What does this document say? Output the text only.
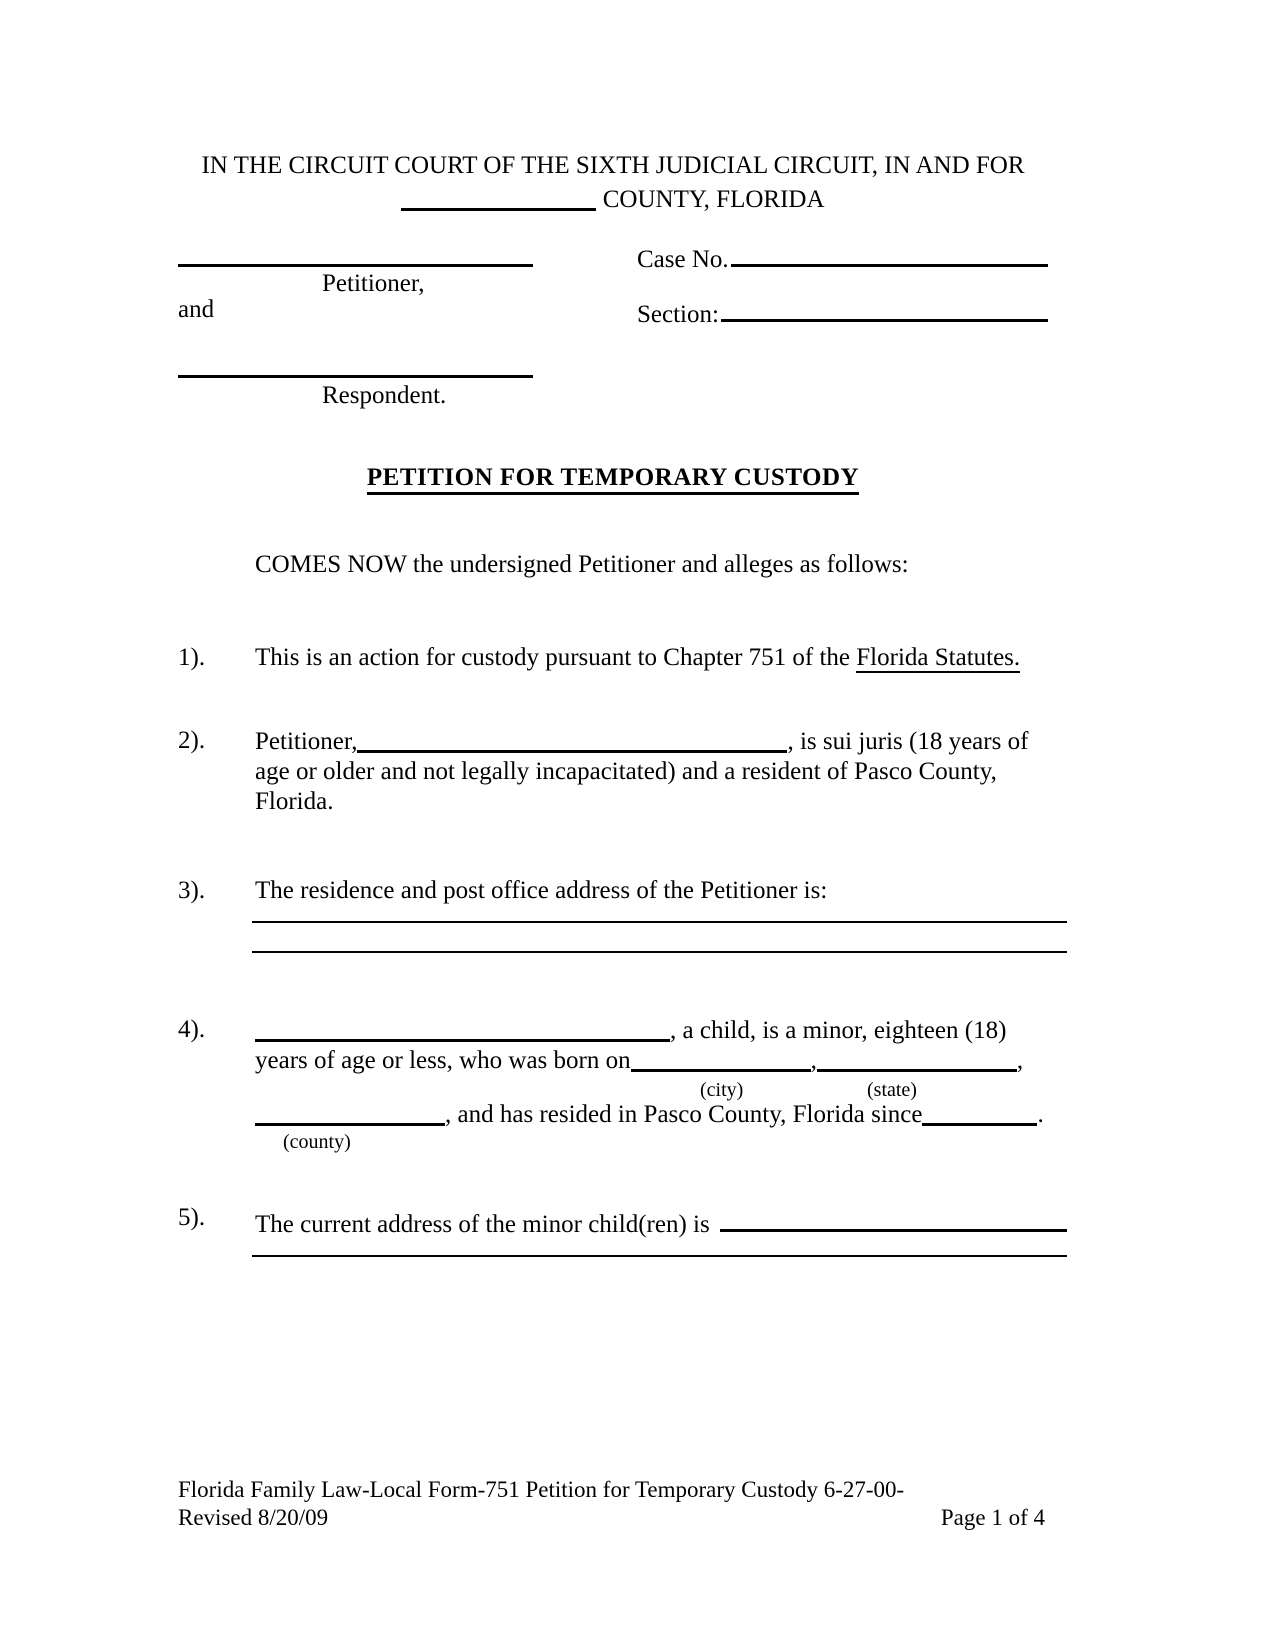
IN THE CIRCUIT COURT OF THE SIXTH JUDICIAL CIRCUIT, IN AND FOR
COUNTY, FLORIDA
Petitioner,
and
Respondent.
Case No.
Section:
PETITION FOR TEMPORARY CUSTODY
COMES NOW the undersigned Petitioner and alleges as follows:
1). This is an action for custody pursuant to Chapter 751 of the Florida Statutes.
2). Petitioner,	, is sui juris (18 years of age or older and not legally incapacitated) and a resident of Pasco County, Florida.
3). The residence and post office address of the Petitioner is:
4).	, a child, is a minor, eighteen (18)
years of age or less, who was born on	,	,
(city)	(state)
, and has resided in Pasco County, Florida since	.
(county)
5). The current address of the minor child(ren) is
Florida Family Law-Local Form-751 Petition for Temporary Custody 6-27-00-
Revised 8/20/09	Page 1 of 4
